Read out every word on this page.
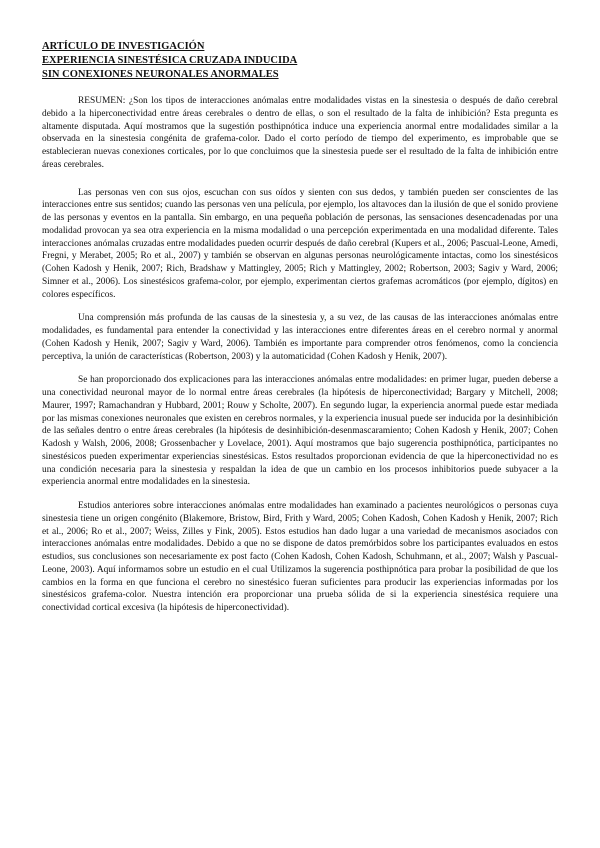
ARTÍCULO DE INVESTIGACIÓN
EXPERIENCIA SINESTÉSICA CRUZADA INDUCIDA
SIN CONEXIONES NEURONALES ANORMALES

RESUMEN: ¿Son los tipos de interacciones anómalas entre modalidades vistas en la sinestesia o después de daño cerebral debido a la hiperconectividad entre áreas cerebrales o dentro de ellas, o son el resultado de la falta de inhibición? Esta pregunta es altamente disputada. Aquí mostramos que la sugestión posthipnótica induce una experiencia anormal entre modalidades similar a la observada en la sinestesia congénita de grafema-color. Dado el corto período de tiempo del experimento, es improbable que se establecieran nuevas conexiones corticales, por lo que concluimos que la sinestesia puede ser el resultado de la falta de inhibición entre áreas cerebrales.

Las personas ven con sus ojos, escuchan con sus oídos y sienten con sus dedos, y también pueden ser conscientes de las interacciones entre sus sentidos; cuando las personas ven una película, por ejemplo, los altavoces dan la ilusión de que el sonido proviene de las personas y eventos en la pantalla. Sin embargo, en una pequeña población de personas, las sensaciones desencadenadas por una modalidad provocan ya sea otra experiencia en la misma modalidad o una percepción experimentada en una modalidad diferente. Tales interacciones anómalas cruzadas entre modalidades pueden ocurrir después de daño cerebral (Kupers et al., 2006; Pascual-Leone, Amedi, Fregni, y Merabet, 2005; Ro et al., 2007) y también se observan en algunas personas neurológicamente intactas, como los sinestésicos (Cohen Kadosh y Henik, 2007; Rich, Bradshaw y Mattingley, 2005; Rich y Mattingley, 2002; Robertson, 2003; Sagiv y Ward, 2006; Simner et al., 2006). Los sinestésicos grafema-color, por ejemplo, experimentan ciertos grafemas acromáticos (por ejemplo, dígitos) en colores específicos.

Una comprensión más profunda de las causas de la sinestesia y, a su vez, de las causas de las interacciones anómalas entre modalidades, es fundamental para entender la conectividad y las interacciones entre diferentes áreas en el cerebro normal y anormal (Cohen Kadosh y Henik, 2007; Sagiv y Ward, 2006). También es importante para comprender otros fenómenos, como la conciencia perceptiva, la unión de características (Robertson, 2003) y la automaticidad (Cohen Kadosh y Henik, 2007).

Se han proporcionado dos explicaciones para las interacciones anómalas entre modalidades: en primer lugar, pueden deberse a una conectividad neuronal mayor de lo normal entre áreas cerebrales (la hipótesis de hiperconectividad; Bargary y Mitchell, 2008; Maurer, 1997; Ramachandran y Hubbard, 2001; Rouw y Scholte, 2007). En segundo lugar, la experiencia anormal puede estar mediada por las mismas conexiones neuronales que existen en cerebros normales, y la experiencia inusual puede ser inducida por la desinhibición de las señales dentro o entre áreas cerebrales (la hipótesis de desinhibición-desenmascaramiento; Cohen Kadosh y Henik, 2007; Cohen Kadosh y Walsh, 2006, 2008; Grossenbacher y Lovelace, 2001). Aquí mostramos que bajo sugerencia posthipnótica, participantes no sinestésicos pueden experimentar experiencias sinestésicas. Estos resultados proporcionan evidencia de que la hiperconectividad no es una condición necesaria para la sinestesia y respaldan la idea de que un cambio en los procesos inhibitorios puede subyacer a la experiencia anormal entre modalidades en la sinestesia.

Estudios anteriores sobre interacciones anómalas entre modalidades han examinado a pacientes neurológicos o personas cuya sinestesia tiene un origen congénito (Blakemore, Bristow, Bird, Frith y Ward, 2005; Cohen Kadosh, Cohen Kadosh y Henik, 2007; Rich et al., 2006; Ro et al., 2007; Weiss, Zilles y Fink, 2005). Estos estudios han dado lugar a una variedad de mecanismos asociados con interacciones anómalas entre modalidades. Debido a que no se dispone de datos premórbidos sobre los participantes evaluados en estos estudios, sus conclusiones son necesariamente ex post facto (Cohen Kadosh, Cohen Kadosh, Schuhmann, et al., 2007; Walsh y Pascual-Leone, 2003). Aquí informamos sobre un estudio en el cual Utilizamos la sugerencia posthipnótica para probar la posibilidad de que los cambios en la forma en que funciona el cerebro no sinestésico fueran suficientes para producir las experiencias informadas por los sinestésicos grafema-color. Nuestra intención era proporcionar una prueba sólida de si la experiencia sinestésica requiere una conectividad cortical excesiva (la hipótesis de hiperconectividad).
